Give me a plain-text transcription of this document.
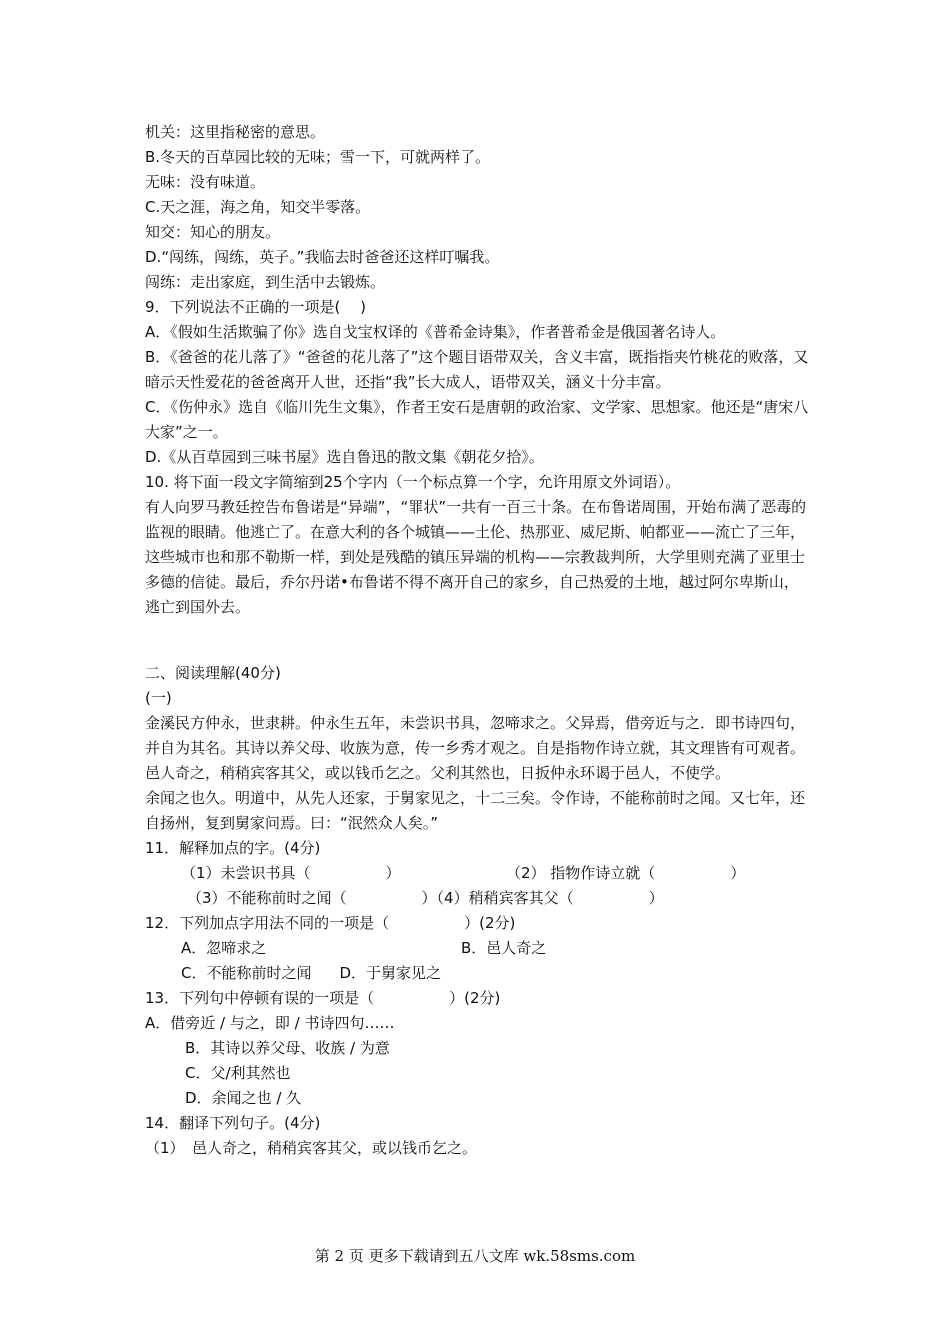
机关：这里指秘密的意思。
B.冬天的百草园比较的无味；雪一下，可就两样了。
无味：没有味道。
C.天之涯，海之角，知交半零落。
知交：知心的朋友。
D.“闯练，闯练，英子。”我临去时爸爸还这样叮嘱我。
闯练：走出家庭，到生活中去锻炼。
9．下列说法不正确的一项是(　 )
A．《假如生活欺骗了你》选自戈宝权译的《普希金诗集》，作者普希金是俄国著名诗人。
B．《爸爸的花儿落了》“爸爸的花儿落了”这个题目语带双关，含义丰富，既指指夹竹桃花的败落，又暗示天性爱花的爸爸离开人世，还指“我”长大成人，语带双关，涵义十分丰富。
C．《伤仲永》选自《临川先生文集》，作者王安石是唐朝的政治家、文学家、思想家。他还是“唐宋八大家”之一。
D.《从百草园到三味书屋》选自鲁迅的散文集《朝花夕拾》。
10. 将下面一段文字简缩到25个字内（一个标点算一个字，允许用原文外词语）。
有人向罗马教廷控告布鲁诺是“异端”，“罪状”一共有一百三十条。在布鲁诺周围，开始布满了恶毒的监视的眼睛。他逃亡了。在意大利的各个城镇——土伦、热那亚、威尼斯、帕都亚——流亡了三年，这些城市也和那不勒斯一样，到处是残酷的镇压异端的机构——宗教裁判所，大学里则充满了亚里士多德的信徒。最后，乔尔丹诺•布鲁诺不得不离开自己的家乡，自己热爱的土地，越过阿尔卑斯山，逃亡到国外去。
二、阅读理解(40分)
(一)
金溪民方仲永，世隶耕。仲永生五年，未尝识书具，忽啼求之。父异焉，借旁近与之．即书诗四句，并自为其名。其诗以养父母、收族为意，传一乡秀才观之。自是指物作诗立就，其文理皆有可观者。邑人奇之，稍稍宾客其父，或以钱币乞之。父利其然也，日扳仲永环谒于邑人，不使学。
余闻之也久。明道中，从先人还家，于舅家见之，十二三矣。令作诗，不能称前时之闻。又七年，还自扬州，复到舅家问焉。曰：“泯然众人矣。”
11．解释加点的字。(4分)
（1）未尝识书具（　　　　　）	（2） 指物作诗立就（　　　　　）
（3）不能称前时之闻（　　　　　）（4）稍稍宾客其父（　　　　　）
12．下列加点字用法不同的一项是（　　　　　）(2分)
A．忽啼求之	B．邑人奇之
C．不能称前时之闻 D．于舅家见之
13．下列句中停顿有误的一项是（　　　　　）(2分)
A．借旁近 / 与之，即 / 书诗四句……
B．其诗以养父母、收族 / 为意
C．父/利其然也
D．余闻之也 / 久
14．翻译下列句子。(4分)
（1）　邑人奇之，稍稍宾客其父，或以钱币乞之。
第 2 页 更多下载请到五八文库 wk.58sms.com
